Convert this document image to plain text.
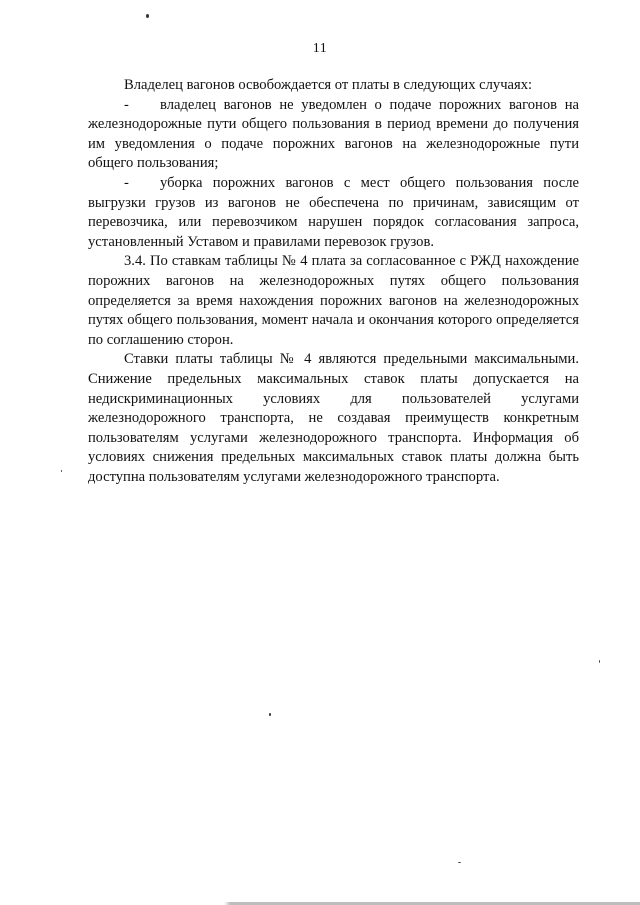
11

Владелец вагонов освобождается от платы в следующих случаях:

- владелец вагонов не уведомлен о подаче порожних вагонов на железнодорожные пути общего пользования в период времени до получения им уведомления о подаче порожних вагонов на железнодорожные пути общего пользования;

- уборка порожних вагонов с мест общего пользования после выгрузки грузов из вагонов не обеспечена по причинам, зависящим от перевозчика, или перевозчиком нарушен порядок согласования запроса, установленный Уставом и правилами перевозок грузов.

3.4. По ставкам таблицы № 4 плата за согласованное с РЖД нахождение порожних вагонов на железнодорожных путях общего пользования определяется за время нахождения порожних вагонов на железнодорожных путях общего пользования, момент начала и окончания которого определяется по соглашению сторон.

Ставки платы таблицы № 4 являются предельными максимальными. Снижение предельных максимальных ставок платы допускается на недискриминационных условиях для пользователей услугами железнодорожного транспорта, не создавая преимуществ конкретным пользователям услугами железнодорожного транспорта. Информация об условиях снижения предельных максимальных ставок платы должна быть доступна пользователям услугами железнодорожного транспорта.
